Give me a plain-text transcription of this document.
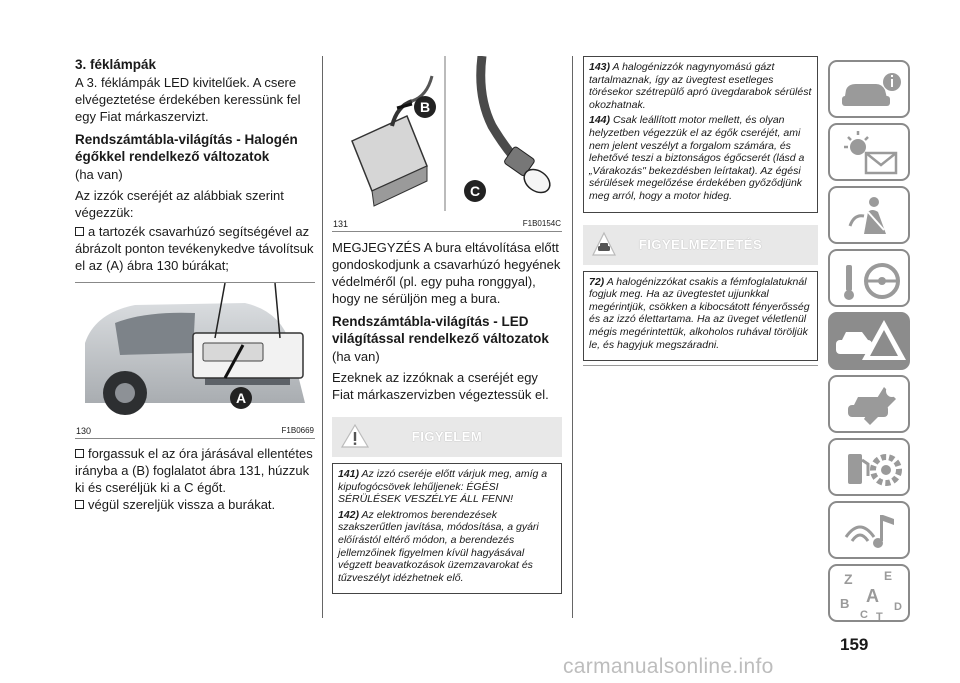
3. féklámpák

A 3. féklámpák LED kivitelűek. A csere elvégeztetése érdekében keressünk fel egy Fiat márkaszervizt.

Rendszámtábla-világítás - Halogén égőkkel rendelkező változatok

(ha van)

Az izzók cseréjét az alábbiak szerint végezzük:

a tartozék csavarhúzó segítségével az ábrázolt ponton tevékenykedve távolítsuk el az (A) ábra 130 búrákat;
A
130	F1B0669
forgassuk el az óra járásával ellentétes irányba a (B) foglalatot ábra 131, húzzuk ki és cseréljük ki a C égőt.
végül szereljük vissza a burákat.
B
C
131	F1B0154C

MEGJEGYZÉS A bura eltávolítása előtt gondoskodjunk a csavarhúzó hegyének védelméről (pl. egy puha ronggyal), hogy ne sérüljön meg a bura.

Rendszámtábla-világítás - LED világítással rendelkező változatok

(ha van)

Ezeknek az izzóknak a cseréjét egy Fiat márkaszervizben végeztessük el.

FIGYELEM

141) Az izzó cseréje előtt várjuk meg, amíg a kipufogócsövek lehűljenek: ÉGÉSI SÉRÜLÉSEK VESZÉLYE ÁLL FENN!

142) Az elektromos berendezések szakszerűtlen javítása, módosítása, a gyári előírástól eltérő módon, a berendezés jellemzőinek figyelmen kívül hagyásával végzett beavatkozások üzemzavarokat és tűzveszélyt idézhetnek elő.

143) A halogénizzók nagynyomású gázt tartalmaznak, így az üvegtest esetleges törésekor szétrepülő apró üvegdarabok sérülést okozhatnak.

144) Csak leállított motor mellett, és olyan helyzetben végezzük el az égők cseréjét, ami nem jelent veszélyt a forgalom számára, és lehetővé teszi a biztonságos égőcserét (lásd a „Várakozás" bekezdésben leírtakat). Az égési sérülések megelőzése érdekében győződjünk meg arról, hogy a motor hideg.

FIGYELMEZTETÉS

72) A halogénizzókat csakis a fémfoglalatuknál fogjuk meg. Ha az üvegtestet ujjunkkal megérintjük, csökken a kibocsátott fényerősség és az izzó élettartama. Ha az üveget véletlenül mégis megérintettük, alkoholos ruhával töröljük le, és hagyjuk megszáradni.

Z	E
B A
C T
D
159
carmanualsonline.info
